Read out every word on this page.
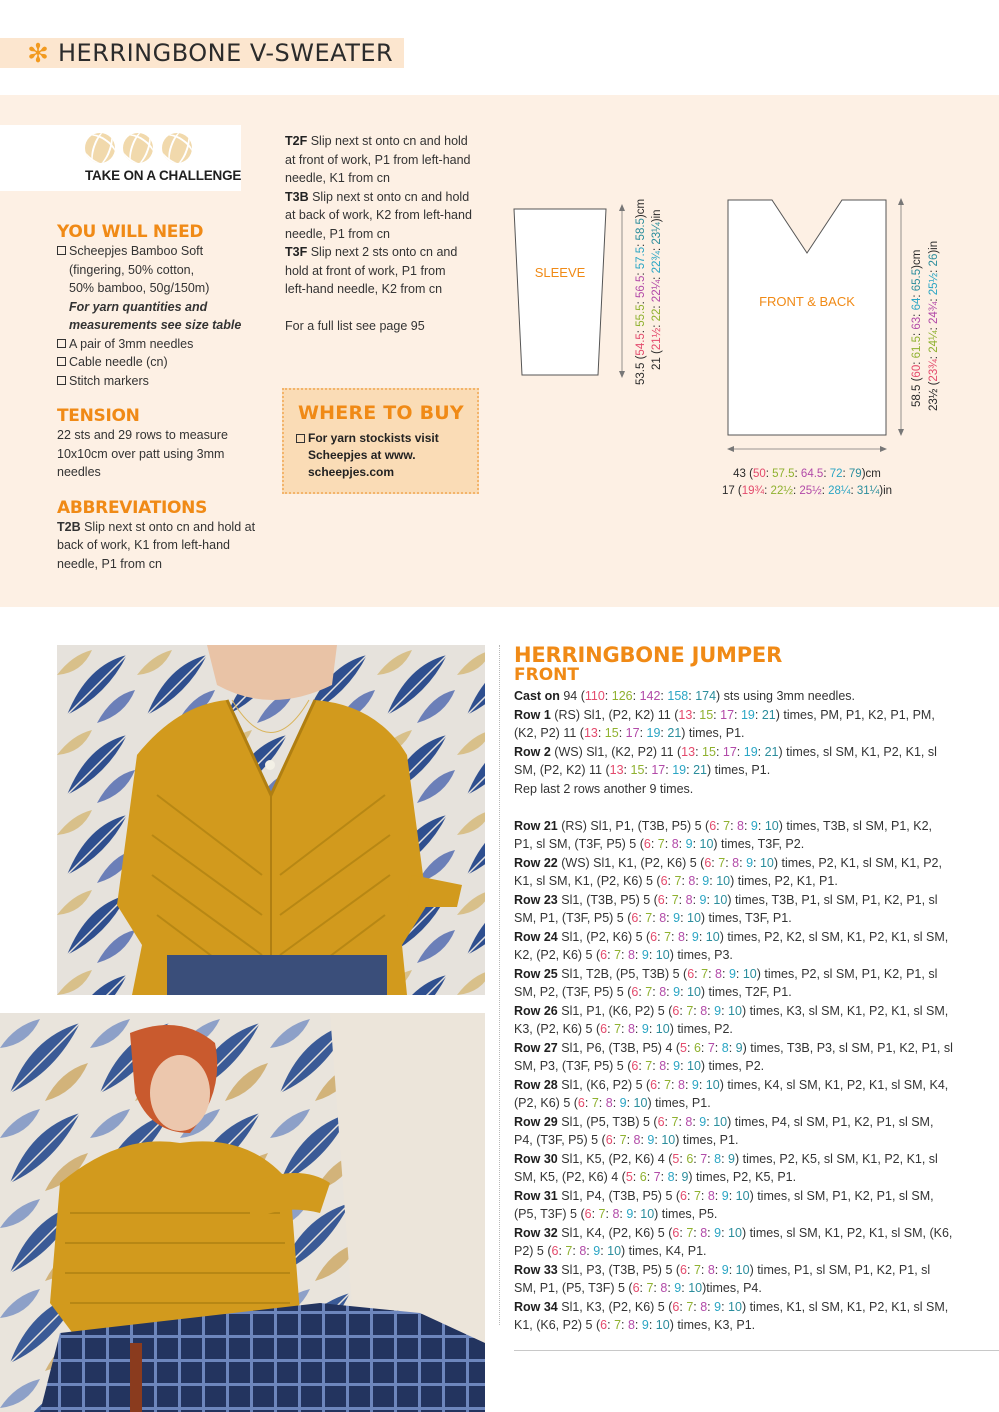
✻ HERRINGBONE V-SWEATER
TAKE ON A CHALLENGE
YOU WILL NEED
Scheepjes Bamboo Soft
(fingering, 50% cotton,
50% bamboo, 50g/150m)
For yarn quantities and
measurements see size table
A pair of 3mm needles
Cable needle (cn)
Stitch markers
TENSION
22 sts and 29 rows to measure
10x10cm over patt using 3mm
needles
ABBREVIATIONS
T2B Slip next st onto cn and hold at
back of work, K1 from left-hand
needle, P1 from cn
T2F Slip next st onto cn and hold
at front of work, P1 from left-hand
needle, K1 from cn
T3B Slip next st onto cn and hold
at back of work, K2 from left-hand
needle, P1 from cn
T3F Slip next 2 sts onto cn and
hold at front of work, P1 from
left-hand needle, K2 from cn
For a full list see page 95
WHERE TO BUY
For yarn stockists visit
Scheepjes at www.
scheepjes.com
SLEEVE
53.5 (54.5: 55.5: 56.5: 57.5: 58.5)cm
21 (21½: 22: 22¼: 22¾: 23¼)in
FRONT & BACK
58.5 (60: 61.5: 63: 64: 65.5)cm
23½ (23¾: 24¼: 24¾: 25½: 26)in
43 (50: 57.5: 64.5: 72: 79)cm
17 (19¾: 22½: 25½: 28¼: 31¼)in
HERRINGBONE JUMPER
FRONT

Cast on 94 (110: 126: 142: 158: 174) sts using 3mm needles.

Row 1 (RS) Sl1, (P2, K2) 11 (13: 15: 17: 19: 21) times, PM, P1, K2, P1, PM, (K2, P2) 11 (13: 15: 17: 19: 21) times, P1.

Row 2 (WS) Sl1, (K2, P2) 11 (13: 15: 17: 19: 21) times, sl SM, K1, P2, K1, sl SM, (P2, K2) 11 (13: 15: 17: 19: 21) times, P1.

Rep last 2 rows another 9 times.

Row 21 (RS) Sl1, P1, (T3B, P5) 5 (6: 7: 8: 9: 10) times, T3B, sl SM, P1, K2, P1, sl SM, (T3F, P5) 5 (6: 7: 8: 9: 10) times, T3F, P2.

Row 22 (WS) Sl1, K1, (P2, K6) 5 (6: 7: 8: 9: 10) times, P2, K1, sl SM, K1, P2, K1, sl SM, K1, (P2, K6) 5 (6: 7: 8: 9: 10) times, P2, K1, P1.

Row 23 Sl1, (T3B, P5) 5 (6: 7: 8: 9: 10) times, T3B, P1, sl SM, P1, K2, P1, sl SM, P1, (T3F, P5) 5 (6: 7: 8: 9: 10) times, T3F, P1.

Row 24 Sl1, (P2, K6) 5 (6: 7: 8: 9: 10) times, P2, K2, sl SM, K1, P2, K1, sl SM, K2, (P2, K6) 5 (6: 7: 8: 9: 10) times, P3.

Row 25 Sl1, T2B, (P5, T3B) 5 (6: 7: 8: 9: 10) times, P2, sl SM, P1, K2, P1, sl SM, P2, (T3F, P5) 5 (6: 7: 8: 9: 10) times, T2F, P1.

Row 26 Sl1, P1, (K6, P2) 5 (6: 7: 8: 9: 10) times, K3, sl SM, K1, P2, K1, sl SM, K3, (P2, K6) 5 (6: 7: 8: 9: 10) times, P2.

Row 27 Sl1, P6, (T3B, P5) 4 (5: 6: 7: 8: 9) times, T3B, P3, sl SM, P1, K2, P1, sl SM, P3, (T3F, P5) 5 (6: 7: 8: 9: 10) times, P2.

Row 28 Sl1, (K6, P2) 5 (6: 7: 8: 9: 10) times, K4, sl SM, K1, P2, K1, sl SM, K4, (P2, K6) 5 (6: 7: 8: 9: 10) times, P1.

Row 29 Sl1, (P5, T3B) 5 (6: 7: 8: 9: 10) times, P4, sl SM, P1, K2, P1, sl SM, P4, (T3F, P5) 5 (6: 7: 8: 9: 10) times, P1.

Row 30 Sl1, K5, (P2, K6) 4 (5: 6: 7: 8: 9) times, P2, K5, sl SM, K1, P2, K1, sl SM, K5, (P2, K6) 4 (5: 6: 7: 8: 9) times, P2, K5, P1.

Row 31 Sl1, P4, (T3B, P5) 5 (6: 7: 8: 9: 10) times, sl SM, P1, K2, P1, sl SM, (P5, T3F) 5 (6: 7: 8: 9: 10) times, P5.

Row 32 Sl1, K4, (P2, K6) 5 (6: 7: 8: 9: 10) times, sl SM, K1, P2, K1, sl SM, (K6, P2) 5 (6: 7: 8: 9: 10) times, K4, P1.

Row 33 Sl1, P3, (T3B, P5) 5 (6: 7: 8: 9: 10) times, P1, sl SM, P1, K2, P1, sl SM, P1, (P5, T3F) 5 (6: 7: 8: 9: 10)times, P4.

Row 34 Sl1, K3, (P2, K6) 5 (6: 7: 8: 9: 10) times, K1, sl SM, K1, P2, K1, sl SM, K1, (K6, P2) 5 (6: 7: 8: 9: 10) times, K3, P1.
